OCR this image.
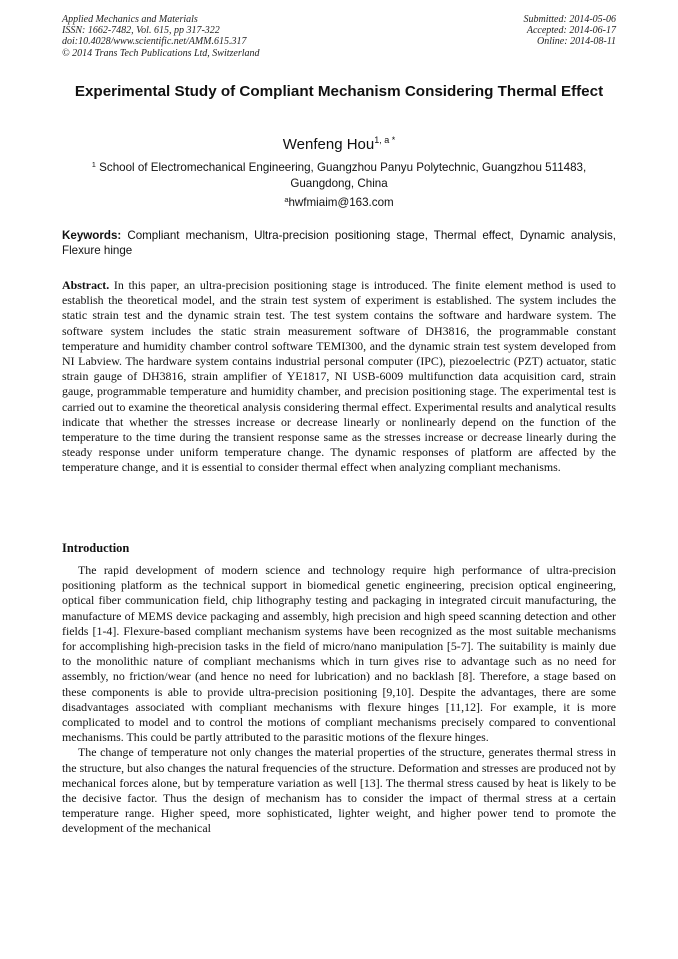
Applied Mechanics and Materials
ISSN: 1662-7482, Vol. 615, pp 317-322
doi:10.4028/www.scientific.net/AMM.615.317
© 2014 Trans Tech Publications Ltd, Switzerland
Submitted: 2014-05-06
Accepted: 2014-06-17
Online: 2014-08-11
Experimental Study of Compliant Mechanism Considering Thermal Effect
Wenfeng Hou$^{1, a *}$
$^1$ School of Electromechanical Engineering, Guangzhou Panyu Polytechnic, Guangzhou 511483, Guangdong, China
$^a$hwfmiaim@163.com
Keywords: Compliant mechanism, Ultra-precision positioning stage, Thermal effect, Dynamic analysis, Flexure hinge
Abstract. In this paper, an ultra-precision positioning stage is introduced. The finite element method is used to establish the theoretical model, and the strain test system of experiment is established. The system includes the static strain test and the dynamic strain test. The test system contains the software and hardware system. The software system includes the static strain measurement software of DH3816, the programmable constant temperature and humidity chamber control software TEMI300, and the dynamic strain test system developed from NI Labview. The hardware system contains industrial personal computer (IPC), piezoelectric (PZT) actuator, static strain gauge of DH3816, strain amplifier of YE1817, NI USB-6009 multifunction data acquisition card, strain gauge, programmable temperature and humidity chamber, and precision positioning stage. The experimental test is carried out to examine the theoretical analysis considering thermal effect. Experimental results and analytical results indicate that whether the stresses increase or decrease linearly or nonlinearly depend on the function of the temperature to the time during the transient response same as the stresses increase or decrease linearly during the steady response under uniform temperature change. The dynamic responses of platform are affected by the temperature change, and it is essential to consider thermal effect when analyzing compliant mechanisms.
Introduction

The rapid development of modern science and technology require high performance of ultra-precision positioning platform as the technical support in biomedical genetic engineering, precision optical engineering, optical fiber communication field, chip lithography testing and packaging in integrated circuit manufacturing, the manufacture of MEMS device packaging and assembly, high precision and high speed scanning detection and other fields [1-4]. Flexure-based compliant mechanism systems have been recognized as the most suitable mechanisms for accomplishing high-precision tasks in the field of micro/nano manipulation [5-7]. The suitability is mainly due to the monolithic nature of compliant mechanisms which in turn gives rise to advantage such as no need for assembly, no friction/wear (and hence no need for lubrication) and no backlash [8]. Therefore, a stage based on these components is able to provide ultra-precision positioning [9,10]. Despite the advantages, there are some disadvantages associated with compliant mechanisms with flexure hinges [11,12]. For example, it is more complicated to model and to control the motions of compliant mechanisms precisely compared to conventional mechanisms. This could be partly attributed to the parasitic motions of the flexure hinges.

The change of temperature not only changes the material properties of the structure, generates thermal stress in the structure, but also changes the natural frequencies of the structure. Deformation and stresses are produced not by mechanical forces alone, but by temperature variation as well [13]. The thermal stress caused by heat is likely to be the decisive factor. Thus the design of mechanism has to consider the impact of thermal stress at a certain temperature range. Higher speed, more sophisticated, lighter weight, and higher power tend to promote the development of the mechanical
